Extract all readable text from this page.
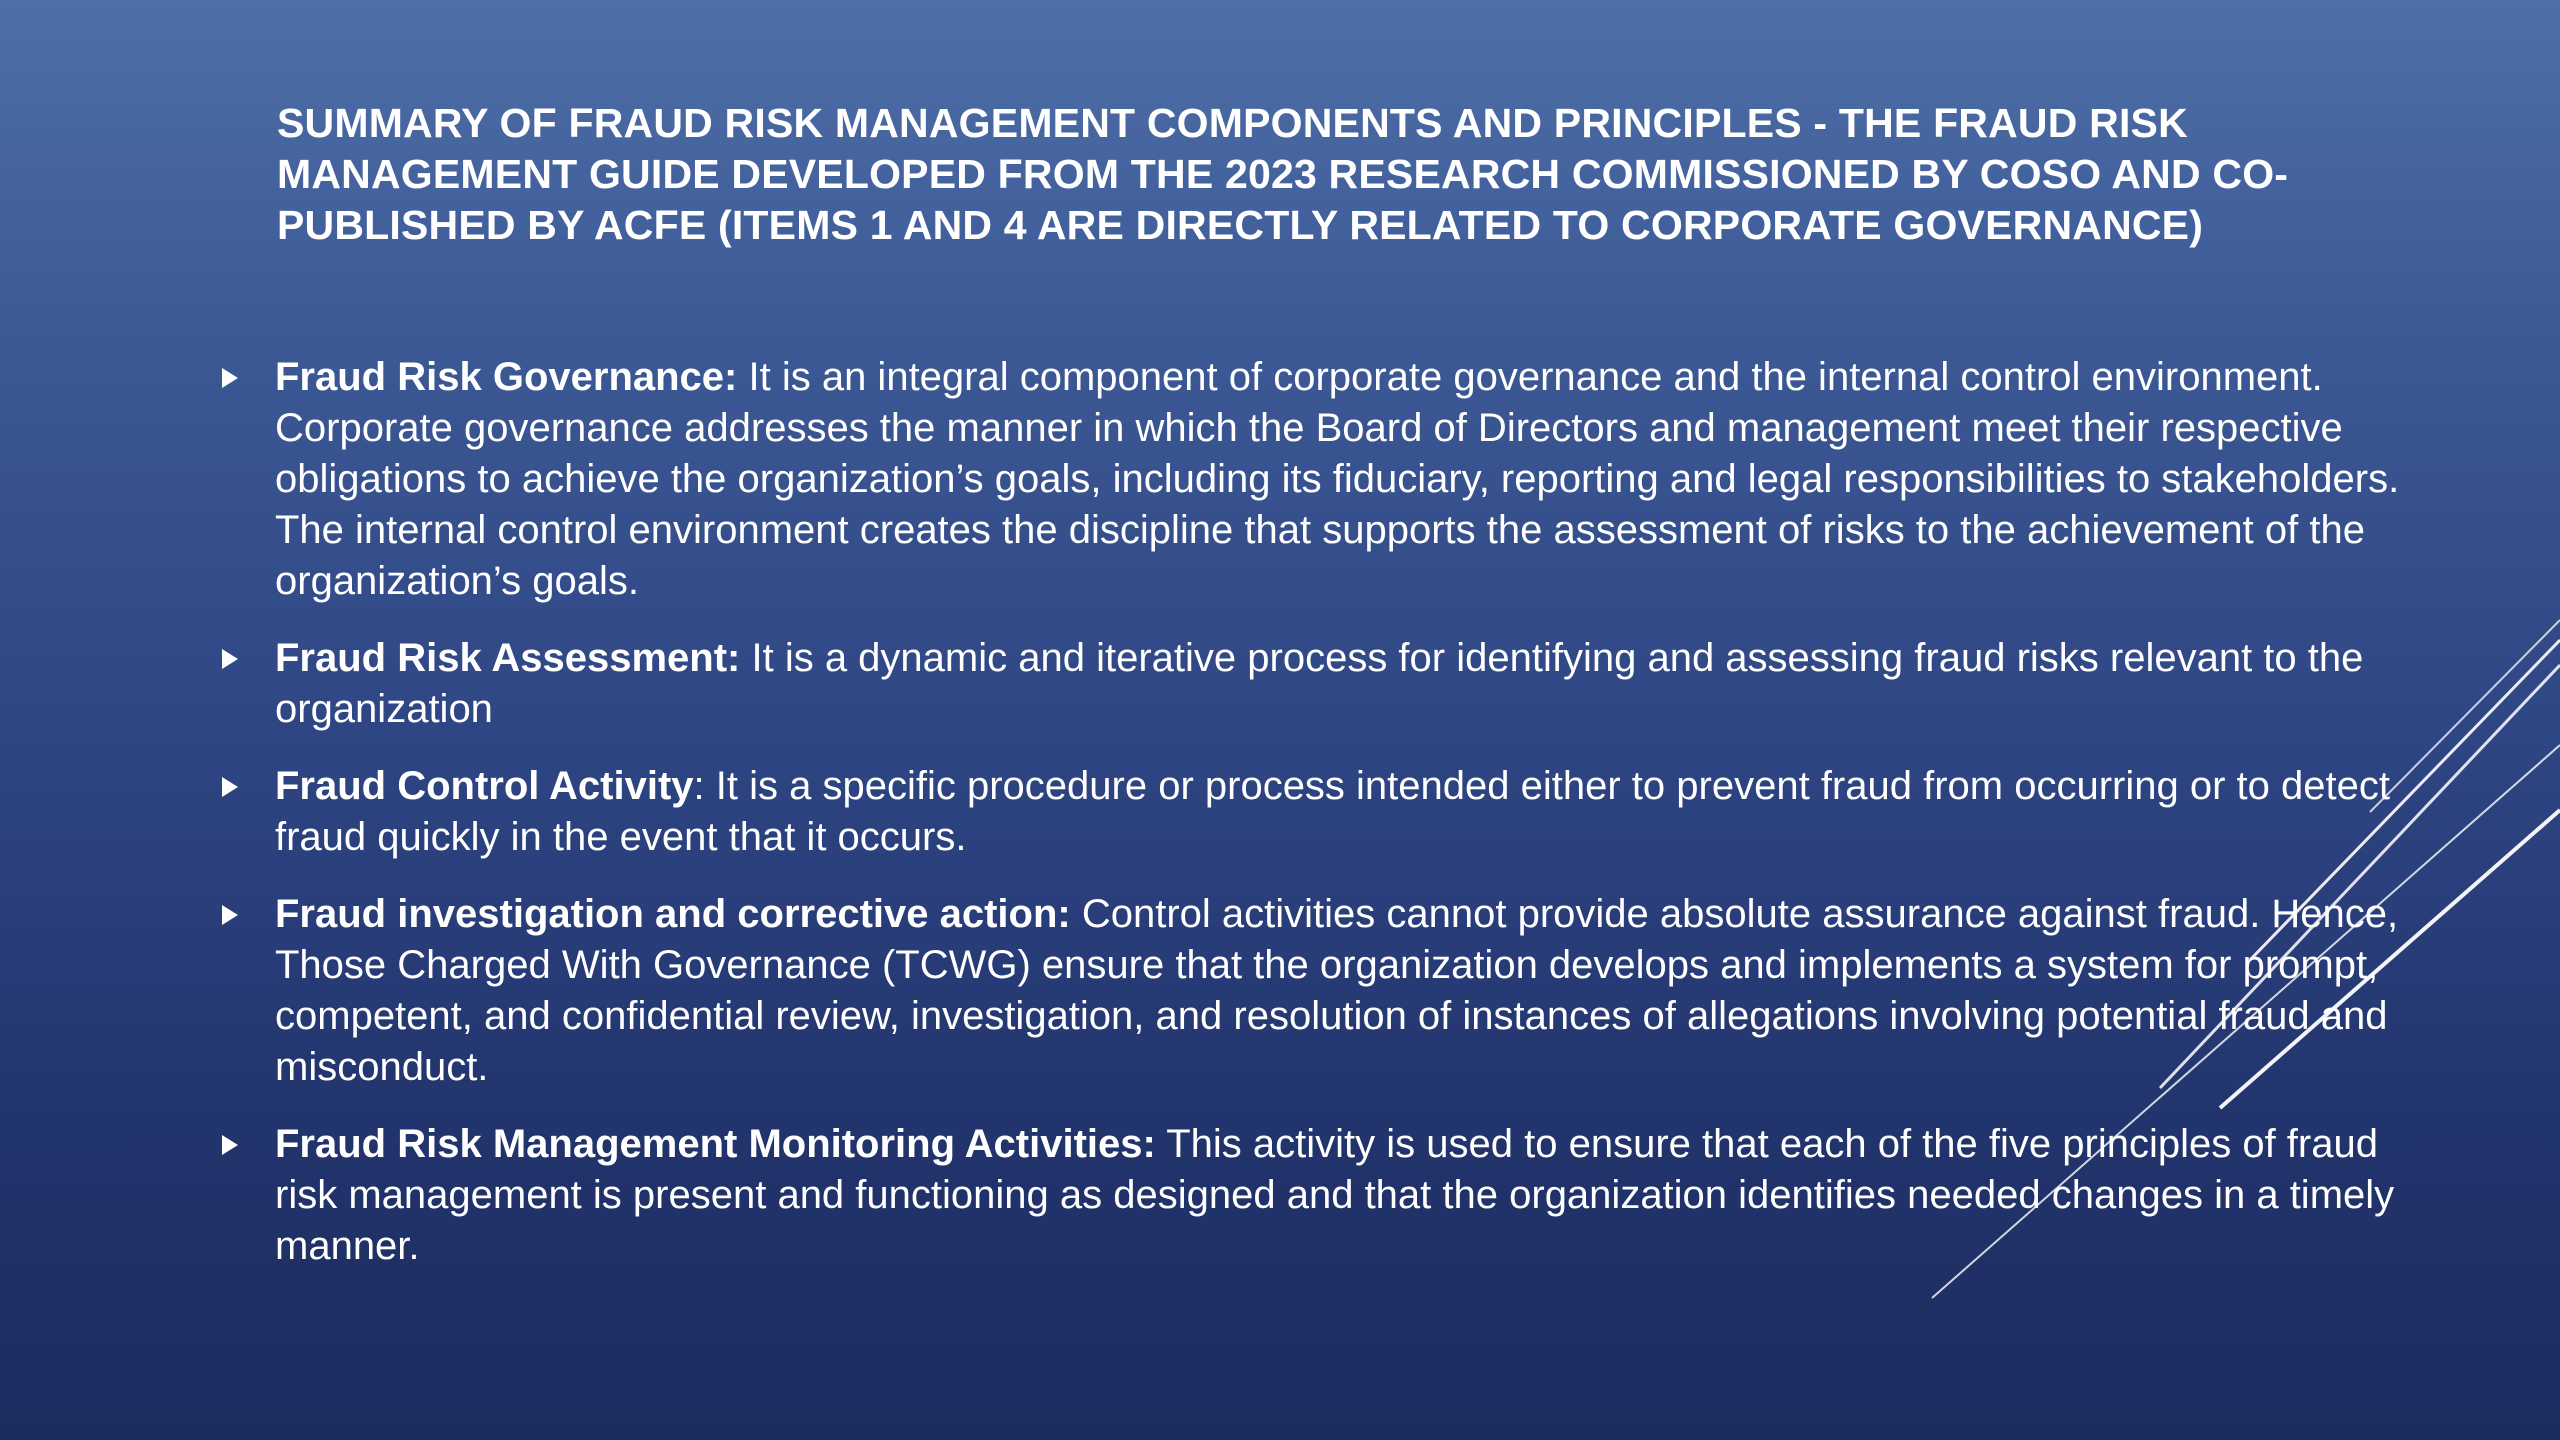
SUMMARY OF FRAUD RISK MANAGEMENT COMPONENTS AND PRINCIPLES - THE FRAUD RISK MANAGEMENT GUIDE DEVELOPED FROM THE 2023 RESEARCH COMMISSIONED BY COSO AND CO-PUBLISHED BY ACFE (ITEMS 1 AND 4 ARE DIRECTLY RELATED TO CORPORATE GOVERNANCE)
Fraud Risk Governance: It is an integral component of corporate governance and the internal control environment. Corporate governance addresses the manner in which the Board of Directors and management meet their respective obligations to achieve the organization’s goals, including its fiduciary, reporting and legal responsibilities to stakeholders. The internal control environment creates the discipline that supports the assessment of risks to the achievement of the organization’s goals.
Fraud Risk Assessment: It is a dynamic and iterative process for identifying and assessing fraud risks relevant to the organization
Fraud Control Activity: It is a specific procedure or process intended either to prevent fraud from occurring or to detect fraud quickly in the event that it occurs.
Fraud investigation and corrective action: Control activities cannot provide absolute assurance against fraud. Hence, Those Charged With Governance (TCWG) ensure that the organization develops and implements a system for prompt, competent, and confidential review, investigation, and resolution of instances of allegations involving potential fraud and misconduct.
Fraud Risk Management Monitoring Activities: This activity is used to ensure that each of the five principles of fraud risk management is present and functioning as designed and that the organization identifies needed changes in a timely manner.
